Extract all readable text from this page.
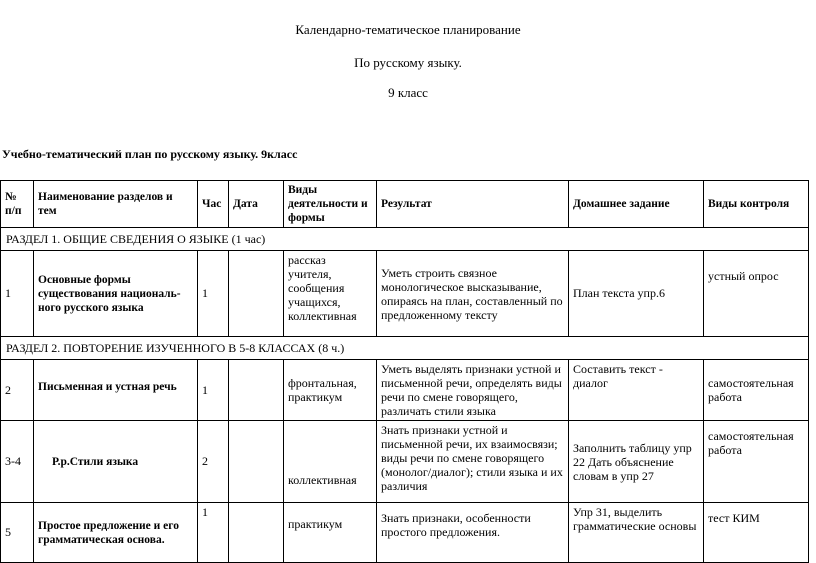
Календарно-тематическое планирование
По русскому языку.
9 класс
Учебно-тематический план по русскому языку. 9класс
№ п/п	Наименование разделов и тем	Час	Дата	Виды деятельности и формы	Результат	Домашнее задание	Виды контроля
РАЗДЕЛ 1. ОБЩИЕ СВЕДЕНИЯ О ЯЗЫКЕ (1 час)							
1	Основные формы существования националь-ного русского языка	1		рассказ учителя, сообщения учащихся, коллективная	Уметь строить связное монологическое высказывание, опираясь на план, составленный по предложенному тексту	План текста упр.6	устный опрос
РАЗДЕЛ 2. ПОВТОРЕНИЕ ИЗУЧЕННОГО В 5-8 КЛАССАХ (8 ч.)							
2	Письменная и устная речь	1		фронтальная, практикум	Уметь выделять признаки устной и письменной речи, определять виды речи по смене говорящего, различать стили языка	Составить текст - диалог	самостоятельная работа
3-4	Р.р.Стили языка	2		коллективная	Знать признаки устной и письменной речи, их взаимосвязи; виды речи по смене говорящего (монолог/диалог); стили языка и их различия	Заполнить таблицу упр 22 Дать объяснение словам в упр 27	самостоятельная работа
5	Простое предложение и его грамматическая основа.	1		практикум	Знать признаки, особенности простого предложения.	Упр 31, выделить грамматические основы	тест КИМ
